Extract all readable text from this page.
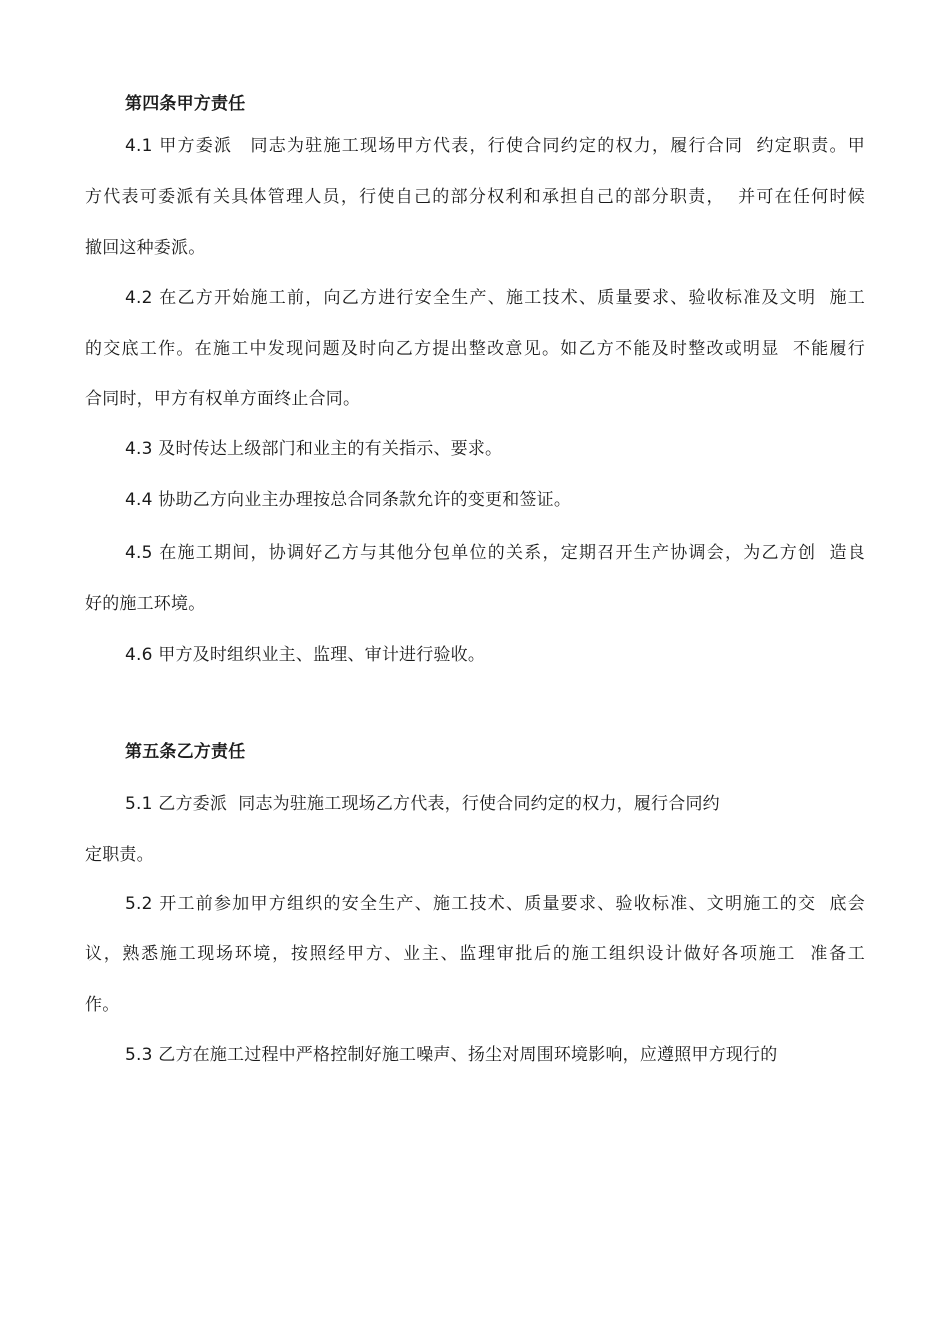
第四条甲方责任
4.1 甲方委派　同志为驻施工现场甲方代表，行使合同约定的权力，履行合同  约定职责。甲
方代表可委派有关具体管理人员，行使自己的部分权利和承担自己的部分职责，  并可在任何时候
撤回这种委派。
4.2 在乙方开始施工前，向乙方进行安全生产、施工技术、质量要求、验收标准及文明  施工
的交底工作。在施工中发现问题及时向乙方提出整改意见。如乙方不能及时整改或明显  不能履行
合同时，甲方有权单方面终止合同。
4.3 及时传达上级部门和业主的有关指示、要求。
4.4 协助乙方向业主办理按总合同条款允许的变更和签证。
4.5 在施工期间，协调好乙方与其他分包单位的关系，定期召开生产协调会，为乙方创  造良
好的施工环境。
4.6 甲方及时组织业主、监理、审计进行验收。
第五条乙方责任
5.1 乙方委派  同志为驻施工现场乙方代表，行使合同约定的权力，履行合同约
定职责。
5.2 开工前参加甲方组织的安全生产、施工技术、质量要求、验收标准、文明施工的交  底会
议，熟悉施工现场环境，按照经甲方、业主、监理审批后的施工组织设计做好各项施工  准备工
作。
5.3 乙方在施工过程中严格控制好施工噪声、扬尘对周围环境影响，应遵照甲方现行的
